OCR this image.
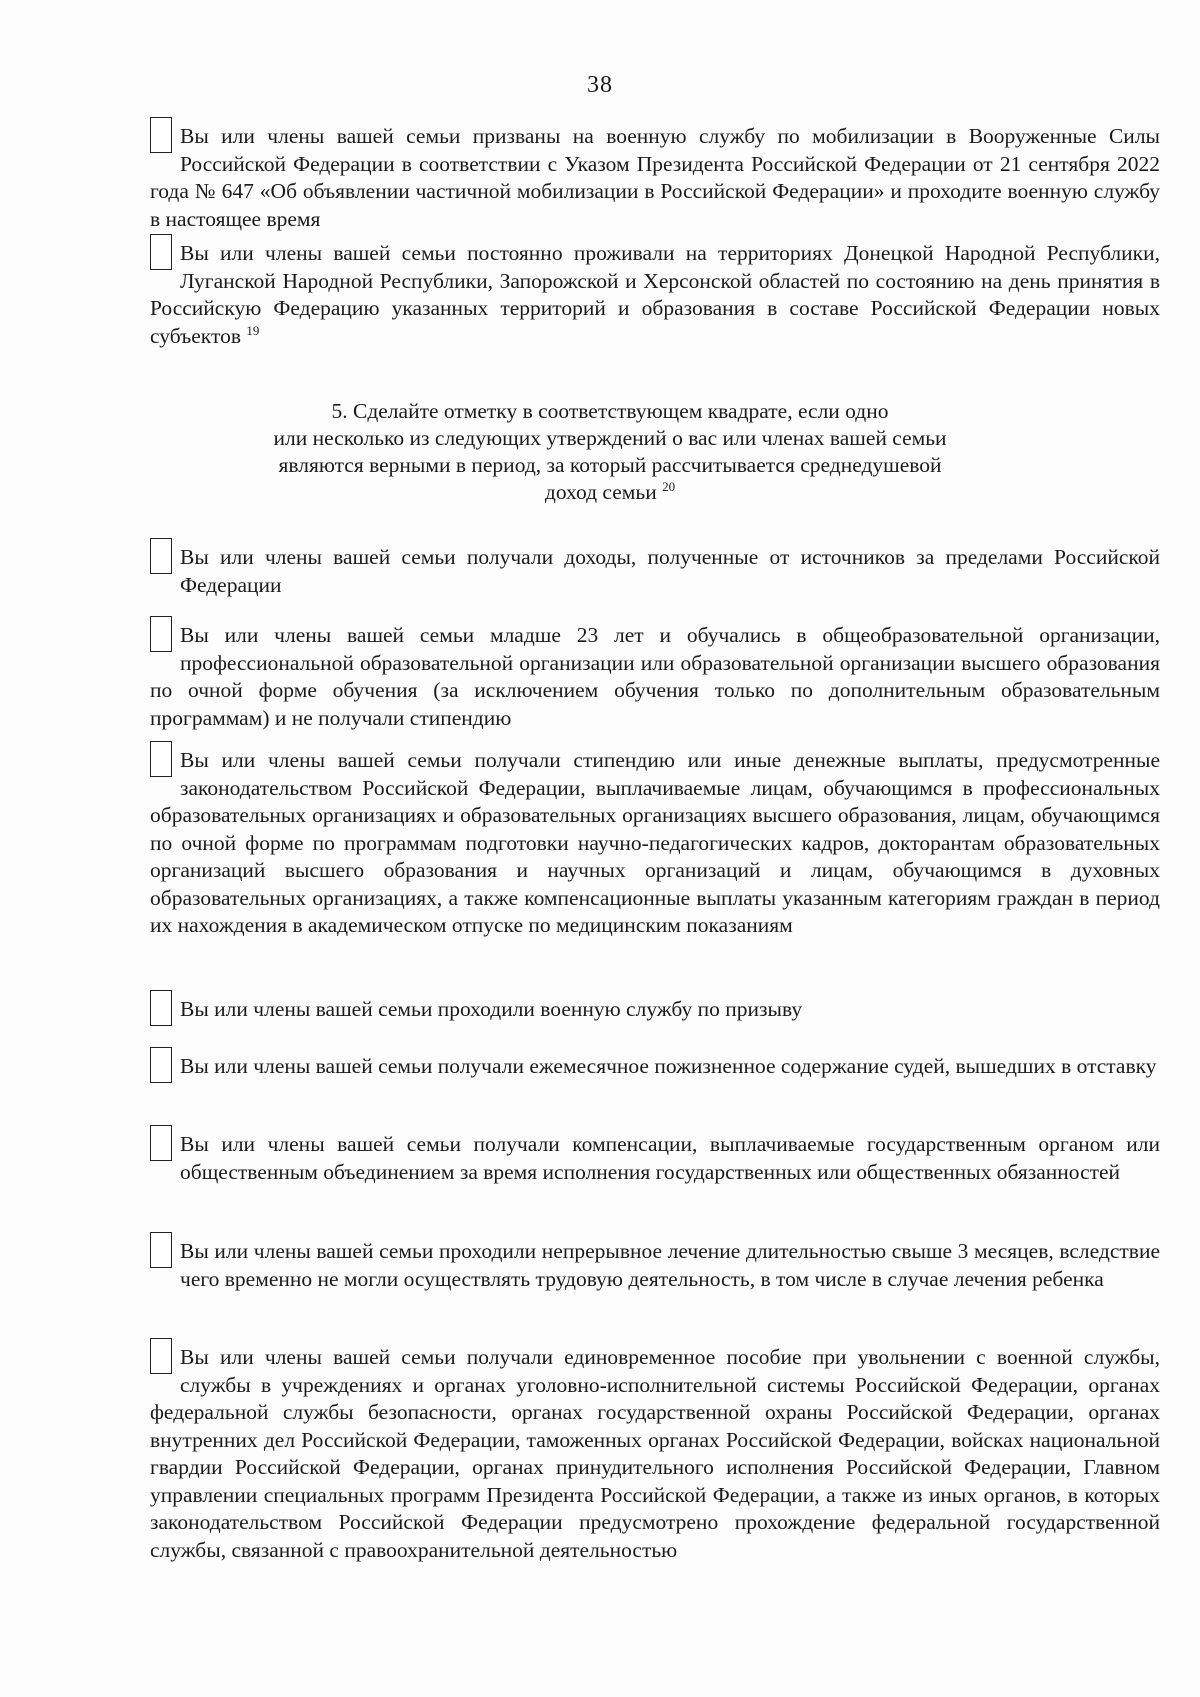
38
Вы или члены вашей семьи призваны на военную службу по мобилизации в Вооруженные Силы Российской Федерации в соответствии с Указом Президента Российской Федерации от 21 сентября 2022 года № 647 «Об объявлении частичной мобилизации в Российской Федерации» и проходите военную службу в настоящее время
Вы или члены вашей семьи постоянно проживали на территориях Донецкой Народной Республики, Луганской Народной Республики, Запорожской и Херсонской областей по состоянию на день принятия в Российскую Федерацию указанных территорий и образования в составе Российской Федерации новых субъектов $^{19}$
5. Сделайте отметку в соответствующем квадрате, если одно
или несколько из следующих утверждений о вас или членах вашей семьи
являются верными в период, за который рассчитывается среднедушевой
доход семьи $^{20}$
Вы или члены вашей семьи получали доходы, полученные от источников за пределами Российской Федерации
Вы или члены вашей семьи младше 23 лет и обучались в общеобразовательной организации, профессиональной образовательной организации или образовательной организации высшего образования по очной форме обучения (за исключением обучения только по дополнительным образовательным программам) и не получали стипендию
Вы или члены вашей семьи получали стипендию или иные денежные выплаты, предусмотренные законодательством Российской Федерации, выплачиваемые лицам, обучающимся в профессиональных образовательных организациях и образовательных организациях высшего образования, лицам, обучающимся по очной форме по программам подготовки научно-педагогических кадров, докторантам образовательных организаций высшего образования и научных организаций и лицам, обучающимся в духовных образовательных организациях, а также компенсационные выплаты указанным категориям граждан в период их нахождения в академическом отпуске по медицинским показаниям
Вы или члены вашей семьи проходили военную службу по призыву
Вы или члены вашей семьи получали ежемесячное пожизненное содержание судей, вышедших в отставку
Вы или члены вашей семьи получали компенсации, выплачиваемые государственным органом или общественным объединением за время исполнения государственных или общественных обязанностей
Вы или члены вашей семьи проходили непрерывное лечение длительностью свыше 3 месяцев, вследствие чего временно не могли осуществлять трудовую деятельность, в том числе в случае лечения ребенка
Вы или члены вашей семьи получали единовременное пособие при увольнении с военной службы, службы в учреждениях и органах уголовно-исполнительной системы Российской Федерации, органах федеральной службы безопасности, органах государственной охраны Российской Федерации, органах внутренних дел Российской Федерации, таможенных органах Российской Федерации, войсках национальной гвардии Российской Федерации, органах принудительного исполнения Российской Федерации, Главном управлении специальных программ Президента Российской Федерации, а также из иных органов, в которых законодательством Российской Федерации предусмотрено прохождение федеральной государственной службы, связанной с правоохранительной деятельностью
